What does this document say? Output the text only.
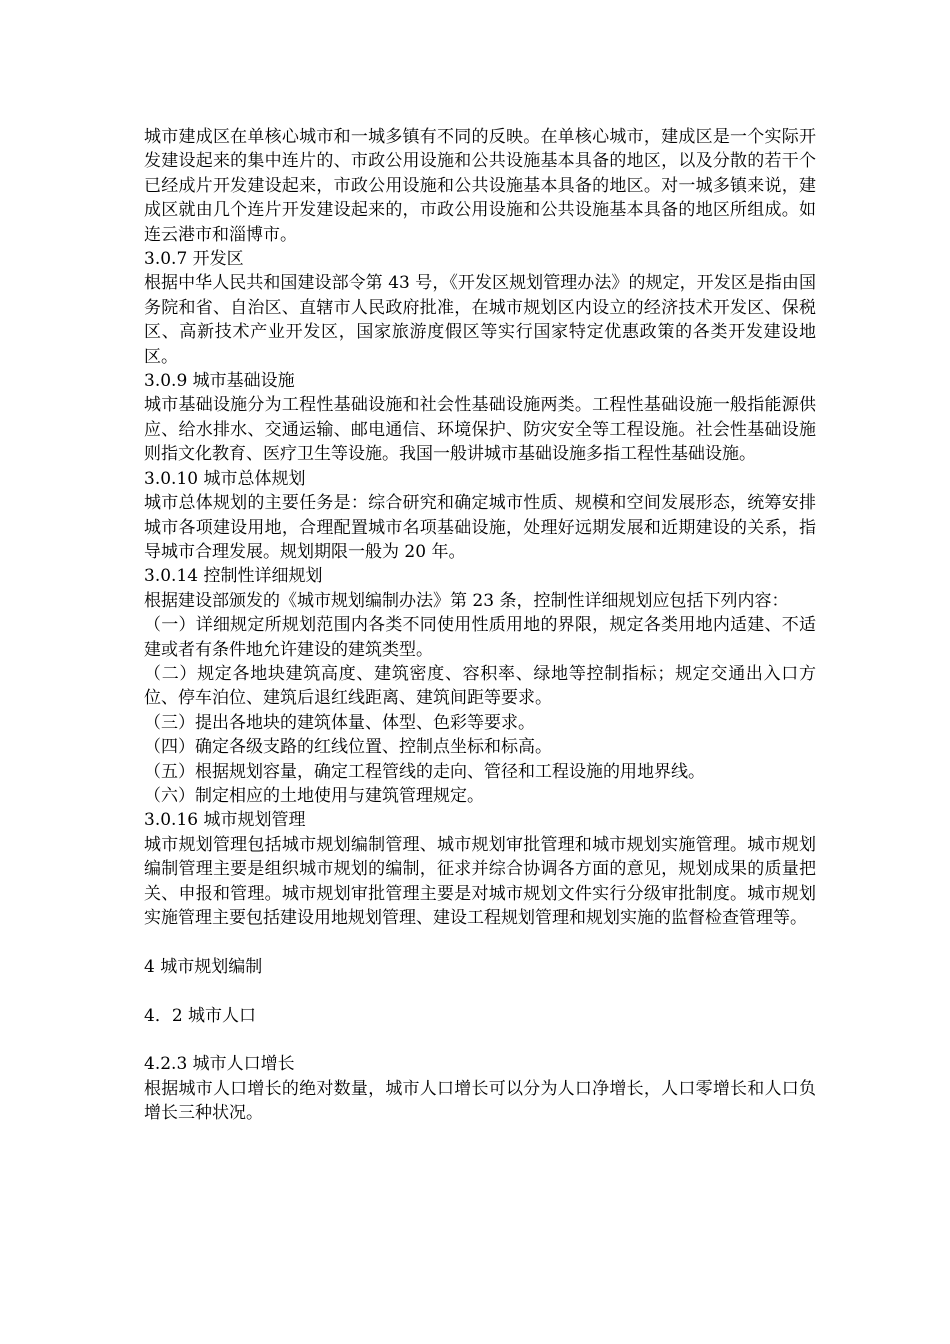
城市建成区在单核心城市和一城多镇有不同的反映。在单核心城市，建成区是一个实际开发建设起来的集中连片的、市政公用设施和公共设施基本具备的地区，以及分散的若干个已经成片开发建设起来，市政公用设施和公共设施基本具备的地区。对一城多镇来说，建成区就由几个连片开发建设起来的，市政公用设施和公共设施基本具备的地区所组成。如连云港市和淄博市。

3.0.7 开发区

根据中华人民共和国建设部令第 43 号，《开发区规划管理办法》的规定，开发区是指由国务院和省、自治区、直辖市人民政府批准，在城市规划区内设立的经济技术开发区、保税区、高新技术产业开发区，国家旅游度假区等实行国家特定优惠政策的各类开发建设地区。

3.0.9 城市基础设施

城市基础设施分为工程性基础设施和社会性基础设施两类。工程性基础设施一般指能源供应、给水排水、交通运输、邮电通信、环境保护、防灾安全等工程设施。社会性基础设施则指文化教育、医疗卫生等设施。我国一般讲城市基础设施多指工程性基础设施。

3.0.10 城市总体规划

城市总体规划的主要任务是：综合研究和确定城市性质、规模和空间发展形态，统筹安排城市各项建设用地，合理配置城市名项基础设施，处理好远期发展和近期建设的关系，指导城市合理发展。规划期限一般为 20 年。

3.0.14 控制性详细规划

根据建设部颁发的《城市规划编制办法》第 23 条，控制性详细规划应包括下列内容：

（一）详细规定所规划范围内各类不同使用性质用地的界限，规定各类用地内适建、不适建或者有条件地允许建设的建筑类型。

（二）规定各地块建筑高度、建筑密度、容积率、绿地等控制指标；规定交通出入口方位、停车泊位、建筑后退红线距离、建筑间距等要求。

（三）提出各地块的建筑体量、体型、色彩等要求。

（四）确定各级支路的红线位置、控制点坐标和标高。

（五）根据规划容量，确定工程管线的走向、管径和工程设施的用地界线。

（六）制定相应的土地使用与建筑管理规定。

3.0.16 城市规划管理

城市规划管理包括城市规划编制管理、城市规划审批管理和城市规划实施管理。城市规划编制管理主要是组织城市规划的编制，征求并综合协调各方面的意见，规划成果的质量把关、申报和管理。城市规划审批管理主要是对城市规划文件实行分级审批制度。城市规划实施管理主要包括建设用地规划管理、建设工程规划管理和规划实施的监督检查管理等。

4 城市规划编制

4．2 城市人口

4.2.3 城市人口增长

根据城市人口增长的绝对数量，城市人口增长可以分为人口净增长，人口零增长和人口负增长三种状况。
